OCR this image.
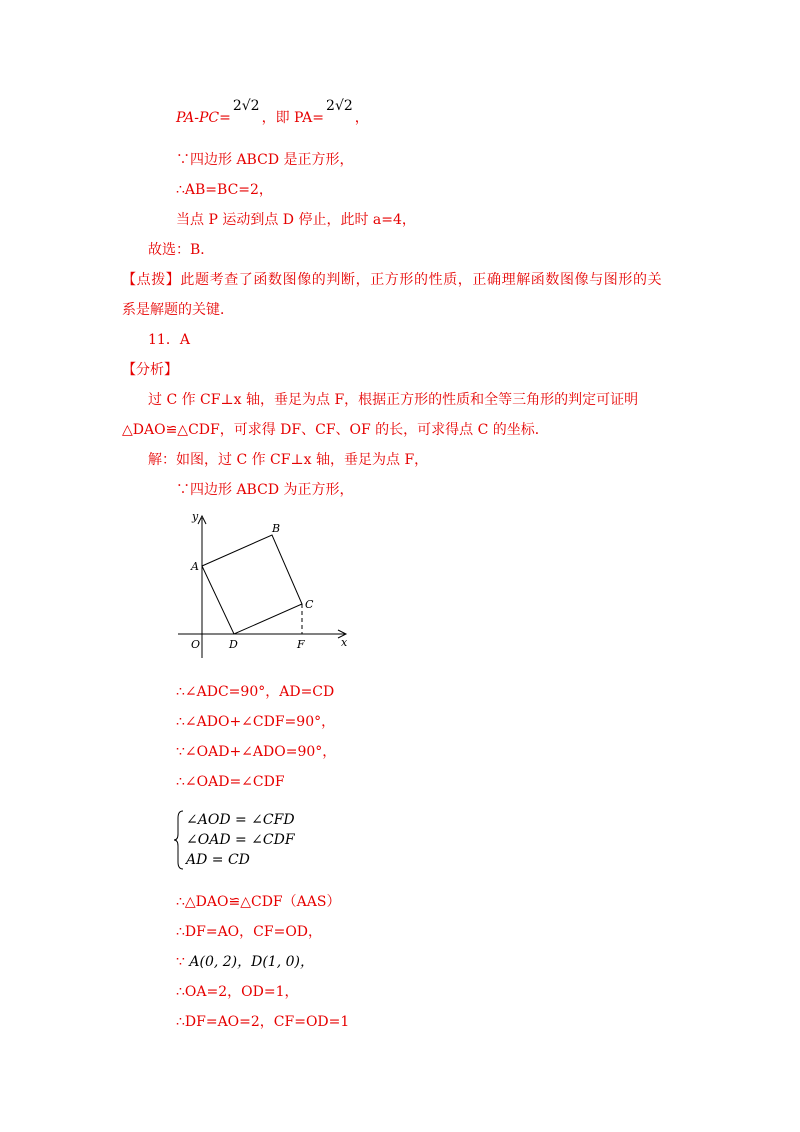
PA-PC=2√2，即 PA=2√2，
∵四边形 ABCD 是正方形，
∴AB=BC=2，
当点 P 运动到点 D 停止，此时 a=4，
故选：B．
【点拨】此题考查了函数图像的判断，正方形的性质，正确理解函数图像与图形的关
系是解题的关键．
11．A
【分析】
过 C 作 CF⊥x 轴，垂足为点 F，根据正方形的性质和全等三角形的判定可证明
△DAO≌△CDF，可求得 DF、CF、OF 的长，可求得点 C 的坐标．
解：如图，过 C 作 CF⊥x 轴，垂足为点 F，
∵四边形 ABCD 为正方形，
y
x
A
B
C
D	F
O
∴∠ADC=90°，AD=CD
∴∠ADO+∠CDF=90°，
∵∠OAD+∠ADO=90°，
∴∠OAD=∠CDF
∠AOD = ∠CFD
∠OAD = ∠CDF
AD = CD
∴△DAO≌△CDF（AAS）
∴DF=AO，CF=OD，
∵ A(0, 2)，D(1, 0)，
∴OA=2，OD=1，
∴DF=AO=2，CF=OD=1
